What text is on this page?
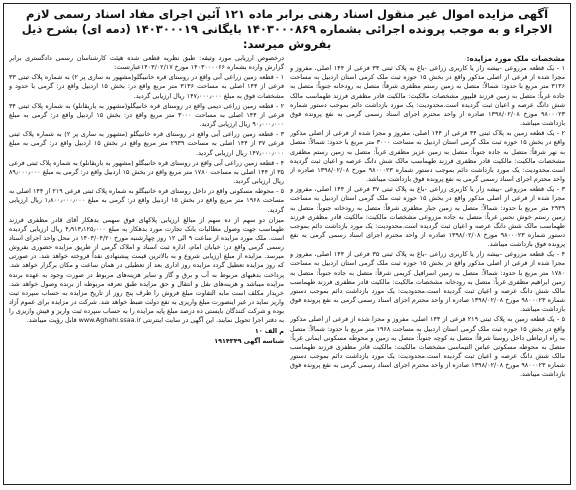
آگهی مزایده اموال غیر منقول اسناد رهنی برابر ماده ۱۲۱ آئین اجرای مفاد اسناد رسمی لازم الاجراء و به موجب پرونده اجرائی بشماره ۱۴۰۳۰۰۰۸۶۹ بایگانی ۱۴۰۳۰۰۰۱۹ (دمه ای) بشرح ذیل بفروش میرسد:

مشخصات ملک مورد مزایده:

۱ - یک قطعه مزروعی -بیشه زار یا کاربری زراعی -باغ به پلاک ثبتی ۳۳ فرعی از ۱۴۴ اصلی، مفروز و مجزا شده از فرعی از اصلی مذکور واقع در بخش ۱۵ حوزه ثبت ملک کرمی استان اردبیل به مساحت ۳۱۳۶ متر مربع با حدود: شمالاً: متصل به زمین رستم مظفری شرقاً: متصل به رودخانه جنوباً: متصل به جاده غرباً: متصل به زمین فرزند قلیپور مشخصات مالکیت: مالکیت قادر مظفری فرزند طهماسب مالک شش دانگ عرصه و اعیان ثبت گردیده است.محدودیت: یک مورد بازداشت دائم بموجب دستور شماره ۹۸۰۰۰۲۳ مورخ ۱۳۹۸/۰۲/۰۸ صادره از واحد محترم اجرای اسناد رسمی گرمی به نفع پرونده فوق بازداشت میباشد.

۲ - یک قطعه زمین به پلاک ثبتی ۳۴ فرعی از ۱۴۴ اصلی، مفروز و مجزا شده از فرعی از اصلی مذکور واقع در بخش ۱۵ حوزه ثبت ملک گرمی استان اردبیل به مساحت ۳۰۰۰ متر مربع با حدود: شمالاً: متصل به نهر شرقاً: متصل به جاده جنوباً: متصل به زمین عزیز مظفری غرباً: متصل به زمین رستم مظفری مشخصات مالکیت: مالکیت قادر مظفری فرزند طهماسب مالک شش دانگ عرصه و اعیان ثبت گردیده است.محدودیت: یک مورد بازداشت دائم بموجب دستور شماره ۹۸۰۰۰۲۳ مورخ ۱۳۹۸/۰۲/۰۸ صادره از واحد محترم اجرای اسناد رسمی گرمی به نفع پرونده فوق بازداشت میباشد.

۳ - یک قطعه مزروعی -بیشه زار یا کاربری زراعی -باغ به پلاک ثبتی ۳۷ فرعی از ۱۴۴ اصلی، مفروز و مجزا شده از فرعی از اصلی مذکور واقع در بخش ۱۵ حوزه ثبت ملک گرمی استان اردبیل به مساحت ۲۹۳۹ متر مربع با حدود: شمالاً: متصل به زمین جبار مظفری شرقاً: متصل به رودخانه جنوباً: متصل به زمین رستم خوش نحس غرباً: متصل به جاده مزروعی مشخصات مالکیت: مالکیت قادر مظفری فرزند طهماسب مالک شش دانگ عرصه و اعیان ثبت گردیده است.محدودیت: یک مورد بازداشت دائم بموجب دستور شماره ۹۸۰۰۰۲۳ مورخ ۱۳۹۸/۰۲/۰۸ صادره از واحد محترم اجرای اسناد رسمی گرمی به نفع پرونده فوق بازداشت میباشد.

۴ - یک قطعه مزروعی -بیشه زار یا کاربری زراعی -باغ به پلاک ثبتی ۳۵ فرعی از ۱۴۴ اصلی، مفروز و مجزا شده از فرعی از اصلی مذکور واقع در بخش ۱۵ حوزه ثبت ملک گرمی استان اردبیل به مساحت ۱۷۸۰ متر مربع با حدود: شمالاً: متصل به زمین اسرافیل کریمی شرقاً: متصل به جاده جنوباً: متصل به زمین ابراهیم مظفری غرباً: متصل به رودخانه مشخصات مالکیت: مالکیت قادر مظفری فرزند طهماسب مالک شش دانگ عرصه و اعیان ثبت گردیده است.محدودیت: یک مورد بازداشت دائم بموجب دستور شماره ۹۸۰۰۰۲۳ مورخ ۱۳۹۸/۰۲/۰۸ صادره از واحد محترم اجرای اسناد رسمی گرمی به نفع پرونده فوق بازداشت میباشد.

۵ - یک قطعه زمین به پلاک ثبتی ۲۱۹ فرعی از ۱۴۴ اصلی، مفروز و مجزا شده از فرعی از اصلی مذکور واقع در بخش ۱۵ حوزه ثبت ملک گرمی استان اردبیل به مساحت ۱۹۶۸ متر مربع با حدود: شمالاً: متصل به راه ارتباطی داخل روستا شرقاً: متصل به کوچه جنوباً: متصل به زمین و محوطه مسکونی ایمانی غرباً: متصل به محوطه مسکونی عباس التیماسی مشخصات مالکیت: مالکیت قادر مظفری فرزند طهماسب مالک شش دانگ عرصه و اعیان ثبت گردیده است.محدودیت: یک مورد بازداشت دائم بموجب دستور شماره ۹۸۰۰۰۲۳ مورخ ۱۳۹۸/۰۲/۰۸ صادره از واحد محترم اجرای اسناد رسمی گرمی به نفع پرونده فوق بازداشت میباشد.

درخصوص ارزیابی مورد وثیقه: طبق نظریه قطعی شده هیئت کارشناسان رسمی دادگستری برابر گزارش وارده بشماره ۱۴۰۳۰۰۰۰۶۶ مورخ ۱۴۰۳/۰۲/۱۷عبارتست:

۱ - قطعه زمین زراعی آبی واقع در روستای قره خانبیگلو(مشهور به ساری پر ۲) به شماره پلاک ثبتی ۳۳ فرعی از ۱۴۴ اصلی به مساحت ۳۱۳۶ متر مربع واقع در: بخش ۱۵ اردبیل واقع در: گرمی با حدود و مشخصات فوق به مبلغ ۱۴۷٫۰۰۰٫۰۰۰ ریال ارزیابی گردید.

۲ - قطعه زمین زراعی دیمی واقع در روستای قره خانبیگلو(مشهور به باریقانلو) به شماره پلاک ثبتی ۳۴ فرعی از ۱۴۴ اصلی به مساحت ۳۰۰۰ متر مربع واقع در: بخش ۱۵ اردبیل واقع در: گرمی به مبلغ ۹۰٫۰۰۰٫۰۰۰ ریال ارزیابی گردید.

۳ - قطعه زمین زراعی آبی واقع در روستای قره خانبیگلو (مشهور به ساری پر ۲) به شماره پلاک ثبتی فرعی ۳۷ از ۱۴۴ اصلی به مساحت ۲۹۳۹ متر مربع واقع در بخش ۱۵ اردبیل واقع در: گرمی به مبلغ ۱۴۷٫۰۰۰٫۰۰۰ ریال ارزیابی گردید.

۴ - قطعه زمین زراعی آبی واقع در روستای قره خانبیگلو (مشهور به باریقانلو) به شماره پلاک ثبتی فرعی ۳۵ از ۱۴۴ اصلی به مساحت ۱۷۸۰ متر مربع واقع در بخش ۱۵ اردبیل واقع در: گرمی به مبلغ ۸۹٫۰۰۰٫۰۰۰ ریال ارزیابی گردید.

۵ - محوطه مسکونی واقع در داخل روستای قره خانبیگلو به شماره پلاک ثبتی فرعی ۲۱۹ از ۱۴۴ اصلی به مساحت ۱۹۶۸ متر مربع واقع در بخش ۱۵ اردبیل واقع در: گرمی به مبلغ ۱٫۸۰۰٫۰۰۰٫۰۰۰ ریال ارزیابی گردید.

میزان دو سهم از ده سهم از مبالغ ارزیابی پلاکهای فوق سهمی بدهکار آقای قادر مظفری فرزند طهماسب جهت وصول مطالبات بانک تجارت مورد بدهکار به مبلغ ۴٫۹۱۳٫۱۲۵٫۰۰۰ ریال ارزیابی گردیده است. ملک مورد مزایده از ساعت ۹ الی ۱۲ روز چهارشنبه مورخ ۱۴۰۳/۰۴/۲۰ در محل واحد اجرای اسناد رسمی گرمی واقع در: خیابان امام، اداره ثبت اسناد و املاک گرمی از طریق مزایده حضوری بفروش میرسد. مزایده از مبلغ ارزیابی شروع و به بالاترین قیمت پیشنهادی نقداً فروخته خواهد شد. در صورتی که روز مزایده تعطیل گردد مزایده روز اداری بعد از تعطیلی در همان ساعت و مکان برگزار خواهد شد. پرداخت بدهیهای مربوط به آب و برق و گاز و سایر هزینه‌های مربوط در صورت وجود به عهده برنده مزایده میباشد و هزینه‌های نقل و انتقال و حق مزایده طبق تعرفه مربوطه از برنده وصول خواهد شد. خریدار مکلف است مابه التفاوت مبلغ فروش را ظرف پنج روز از تاریخ مزایده به حساب سپرده ثبت واریز نماید در غیر اینصورت مبلغ واریزی به نفع دولت ضبط خواهد شد. شرکت در مزایده برای عموم آزاد بوده و شرکت کنندگان بایستی ده درصد مبلغ پایه مزایده را به حساب سپرده ثبت واریز و فیش واریزی را به دفتر اجرا تحویل نمایند. این آگهی در سایت اینترنتی www.Aghahi.ssaa.ir قابل رؤیت میباشد.

م الف ۱۰

شناسه آگهی ۱۹۱۴۳۴۹
